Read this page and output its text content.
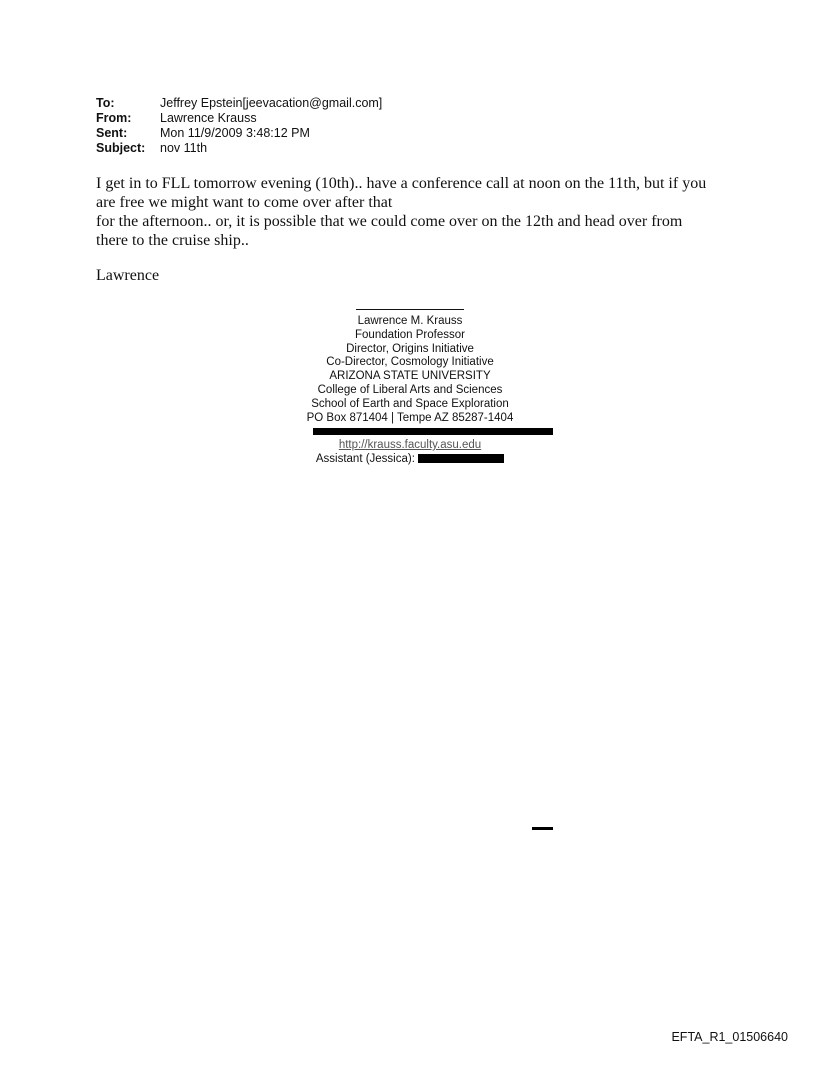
To:	Jeffrey Epstein[jeevacation@gmail.com]
From:	Lawrence Krauss
Sent:	Mon 11/9/2009 3:48:12 PM
Subject:	nov 11th

I get in to FLL tomorrow evening (10th).. have a conference call at noon on the 11th, but if you

are free we might want to come over after that

for the afternoon.. or, it is possible that we could come over on the 12th and head over from

there to the cruise ship..

Lawrence
Lawrence M. Krauss
Foundation Professor
Director, Origins Initiative
Co-Director, Cosmology Initiative
ARIZONA STATE UNIVERSITY
College of Liberal Arts and Sciences
School of Earth and Space Exploration
PO Box 871404 | Tempe AZ 85287-1404
http://krauss.faculty.asu.edu
Assistant (Jessica):
EFTA_R1_01506640
